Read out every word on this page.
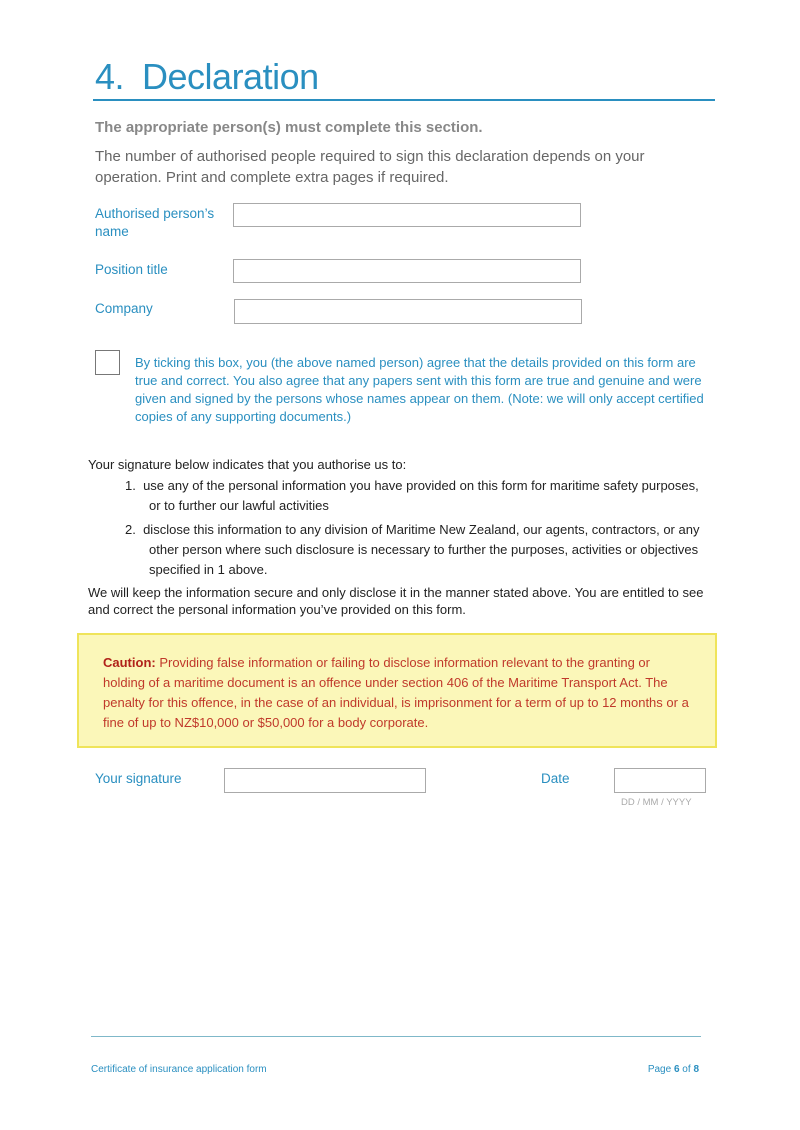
4. Declaration
The appropriate person(s) must complete this section.
The number of authorised people required to sign this declaration depends on your operation. Print and complete extra pages if required.
Authorised person’s name
Position title
Company
By ticking this box, you (the above named person) agree that the details provided on this form are true and correct. You also agree that any papers sent with this form are true and genuine and were given and signed by the persons whose names appear on them. (Note: we will only accept certified copies of any supporting documents.)
Your signature below indicates that you authorise us to:
1. use any of the personal information you have provided on this form for maritime safety purposes, or to further our lawful activities
2. disclose this information to any division of Maritime New Zealand, our agents, contractors, or any other person where such disclosure is necessary to further the purposes, activities or objectives specified in 1 above.
We will keep the information secure and only disclose it in the manner stated above. You are entitled to see and correct the personal information you’ve provided on this form.
Caution: Providing false information or failing to disclose information relevant to the granting or holding of a maritime document is an offence under section 406 of the Maritime Transport Act. The penalty for this offence, in the case of an individual, is imprisonment for a term of up to 12 months or a fine of up to NZ$10,000 or $50,000 for a body corporate.
Your signature	Date
DD / MM / YYYY
Certificate of insurance application form	Page 6 of 8
